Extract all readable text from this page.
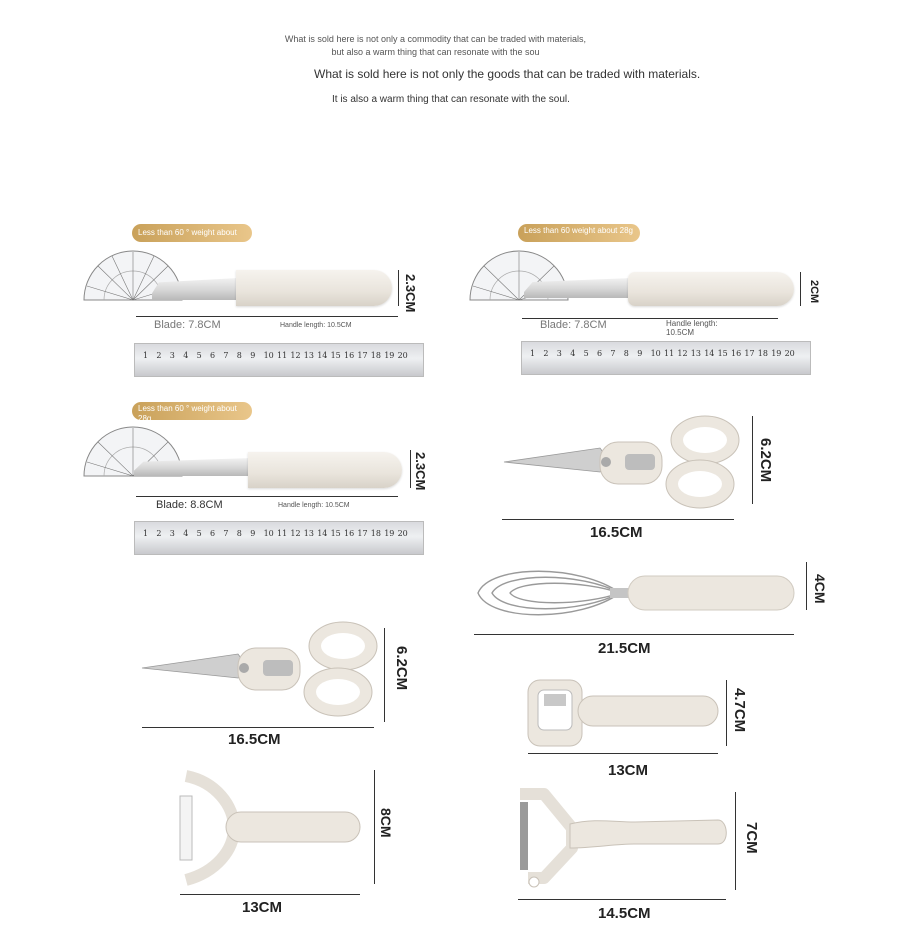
What is sold here is not only a commodity that can be traded with materials,
but also a warm thing that can resonate with the sou
What is sold here is not only the goods that can be traded with materials.
It is also a warm thing that can resonate with the soul.
Less than 60 ° weight about 28g
2.3CM
Blade: 7.8CM	Handle length: 10.5CM
1 2 3 4 5 6 7 8 9 10 11 12 13 14 15 16 17 18 19 20
Less than 60 weight about 28g
2CM
Blade: 7.8CM	Handle length: 10.5CM
1 2 3 4 5 6 7 8 9 10 11 12 13 14 15 16 17 18 19 20
Less than 60 ° weight about 28g
2.3CM
Blade: 8.8CM	Handle length: 10.5CM
1 2 3 4 5 6 7 8 9 10 11 12 13 14 15 16 17 18 19 20
6.2CM
16.5CM
4CM
21.5CM
6.2CM
16.5CM
4.7CM
13CM
8CM
13CM
7CM
14.5CM
